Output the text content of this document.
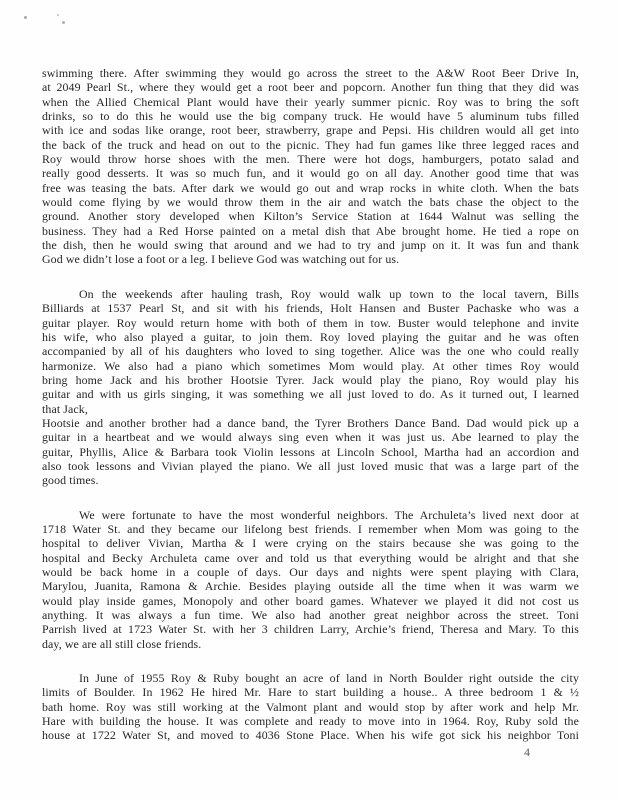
swimming there. After swimming they would go across the street to the A&W Root Beer Drive In,
at 2049 Pearl St., where they would get a root beer and popcorn. Another fun thing that they did was
when the Allied Chemical Plant would have their yearly summer picnic. Roy was to bring the soft
drinks, so to do this he would use the big company truck. He would have 5 aluminum tubs filled
with ice and sodas like orange, root beer, strawberry, grape and Pepsi. His children would all get into
the back of the truck and head on out to the picnic. They had fun games like three legged races and
Roy would throw horse shoes with the men. There were hot dogs, hamburgers, potato salad and
really good desserts. It was so much fun, and it would go on all day. Another good time that was
free was teasing the bats. After dark we would go out and wrap rocks in white cloth. When the bats
would come flying by we would throw them in the air and watch the bats chase the object to the
ground. Another story developed when Kilton’s Service Station at 1644 Walnut was selling the
business. They had a Red Horse painted on a metal dish that Abe brought home. He tied a rope on
the dish, then he would swing that around and we had to try and jump on it. It was fun and thank
God we didn’t lose a foot or a leg. I believe God was watching out for us.

On the weekends after hauling trash, Roy would walk up town to the local tavern, Bills
Billiards at 1537 Pearl St, and sit with his friends, Holt Hansen and Buster Pachaske who was a
guitar player. Roy would return home with both of them in tow. Buster would telephone and invite
his wife, who also played a guitar, to join them. Roy loved playing the guitar and he was often
accompanied by all of his daughters who loved to sing together. Alice was the one who could really
harmonize. We also had a piano which sometimes Mom would play. At other times Roy would
bring home Jack and his brother Hootsie Tyrer. Jack would play the piano, Roy would play his
guitar and with us girls singing, it was something we all just loved to do. As it turned out, I learned
that Jack,
Hootsie and another brother had a dance band, the Tyrer Brothers Dance Band. Dad would pick up a
guitar in a heartbeat and we would always sing even when it was just us. Abe learned to play the
guitar, Phyllis, Alice & Barbara took Violin lessons at Lincoln School, Martha had an accordion and
also took lessons and Vivian played the piano. We all just loved music that was a large part of the
good times.

We were fortunate to have the most wonderful neighbors. The Archuleta’s lived next door at
1718 Water St. and they became our lifelong best friends. I remember when Mom was going to the
hospital to deliver Vivian, Martha & I were crying on the stairs because she was going to the
hospital and Becky Archuleta came over and told us that everything would be alright and that she
would be back home in a couple of days. Our days and nights were spent playing with Clara,
Marylou, Juanita, Ramona & Archie. Besides playing outside all the time when it was warm we
would play inside games, Monopoly and other board games. Whatever we played it did not cost us
anything. It was always a fun time. We also had another great neighbor across the street. Toni
Parrish lived at 1723 Water St. with her 3 children Larry, Archie’s friend, Theresa and Mary. To this
day, we are all still close friends.

In June of 1955 Roy & Ruby bought an acre of land in North Boulder right outside the city
limits of Boulder. In 1962 He hired Mr. Hare to start building a house.. A three bedroom 1 & ½
bath home. Roy was still working at the Valmont plant and would stop by after work and help Mr.
Hare with building the house. It was complete and ready to move into in 1964. Roy, Ruby sold the
house at 1722 Water St, and moved to 4036 Stone Place. When his wife got sick his neighbor Toni

4
